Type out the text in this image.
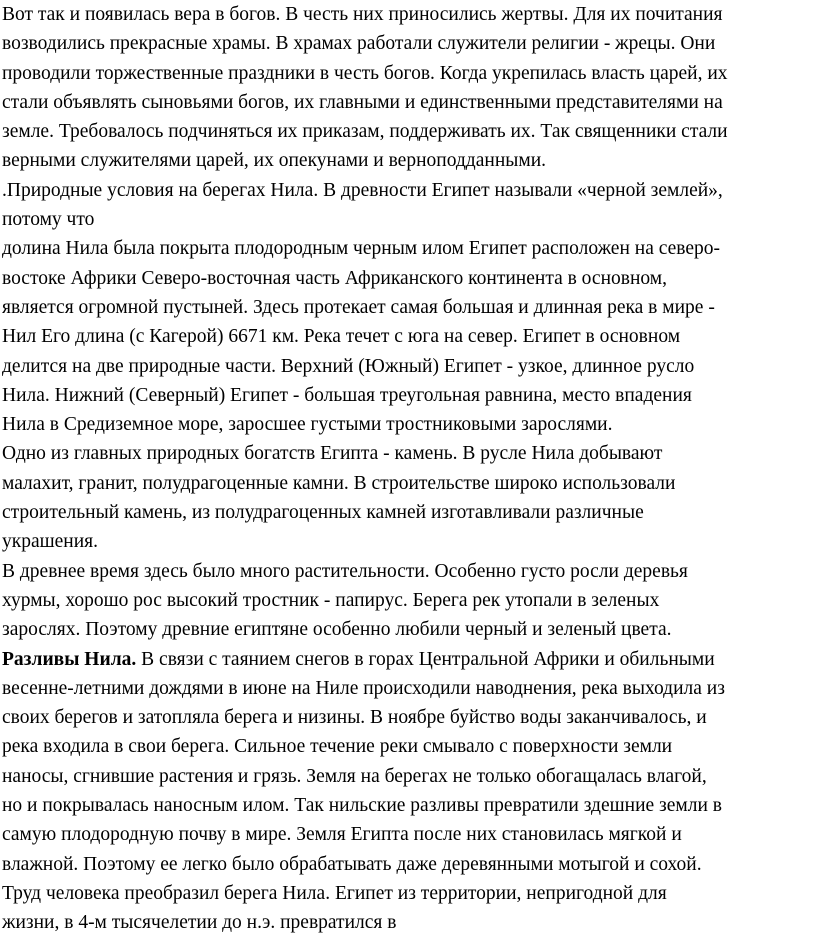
Вот так и появилась вера в богов. В честь них приносились жертвы. Для их почитания
возводились прекрасные храмы. В храмах работали служители религии - жрецы. Они
проводили торжественные праздники в честь богов. Когда укрепилась власть царей, их
стали объявлять сыновьями богов, их главными и единственными представителями на
земле. Требовалось подчиняться их приказам, поддерживать их. Так священники стали
верными служителями царей, их опекунами и верноподданными.

.Природные условия на берегах Нила. В древности Египет называли «черной землей»,
потому что

долина Нила была покрыта плодородным черным илом Египет расположен на северо-
востоке Африки Северо-восточная часть Африканского континента в основном,
является огромной пустыней. Здесь протекает самая большая и длинная река в мире -
Нил Его длина (с Кагерой) 6671 км. Река течет с юга на север. Египет в основном
делится на две природные части. Верхний (Южный) Египет - узкое, длинное русло
Нила. Нижний (Северный) Египет - большая треугольная равнина, место впадения
Нила в Средиземное море, заросшее густыми тростниковыми зарослями.

Одно из главных природных богатств Египта - камень. В русле Нила добывают
малахит, гранит, полудрагоценные камни. В строительстве широко использовали
строительный камень, из полудрагоценных камней изготавливали различные
украшения.

В древнее время здесь было много растительности. Особенно густо росли деревья
хурмы, хорошо рос высокий тростник - папирус. Берега рек утопали в зеленых
зарослях. Поэтому древние египтяне особенно любили черный и зеленый цвета.

Разливы Нила. В связи с таянием снегов в горах Центральной Африки и обильными
весенне-летними дождями в июне на Ниле происходили наводнения, река выходила из
своих берегов и затопляла берега и низины. В ноябре буйство воды заканчивалось, и
река входила в свои берега. Сильное течение реки смывало с поверхности земли
наносы, сгнившие растения и грязь. Земля на берегах не только обогащалась влагой,
но и покрывалась наносным илом. Так нильские разливы превратили здешние земли в
самую плодородную почву в мире. Земля Египта после них становилась мягкой и
влажной. Поэтому ее легко было обрабатывать даже деревянными мотыгой и сохой.
Труд человека преобразил берега Нила. Египет из территории, непригодной для
жизни, в 4-м тысячелетии до н.э. превратился в
